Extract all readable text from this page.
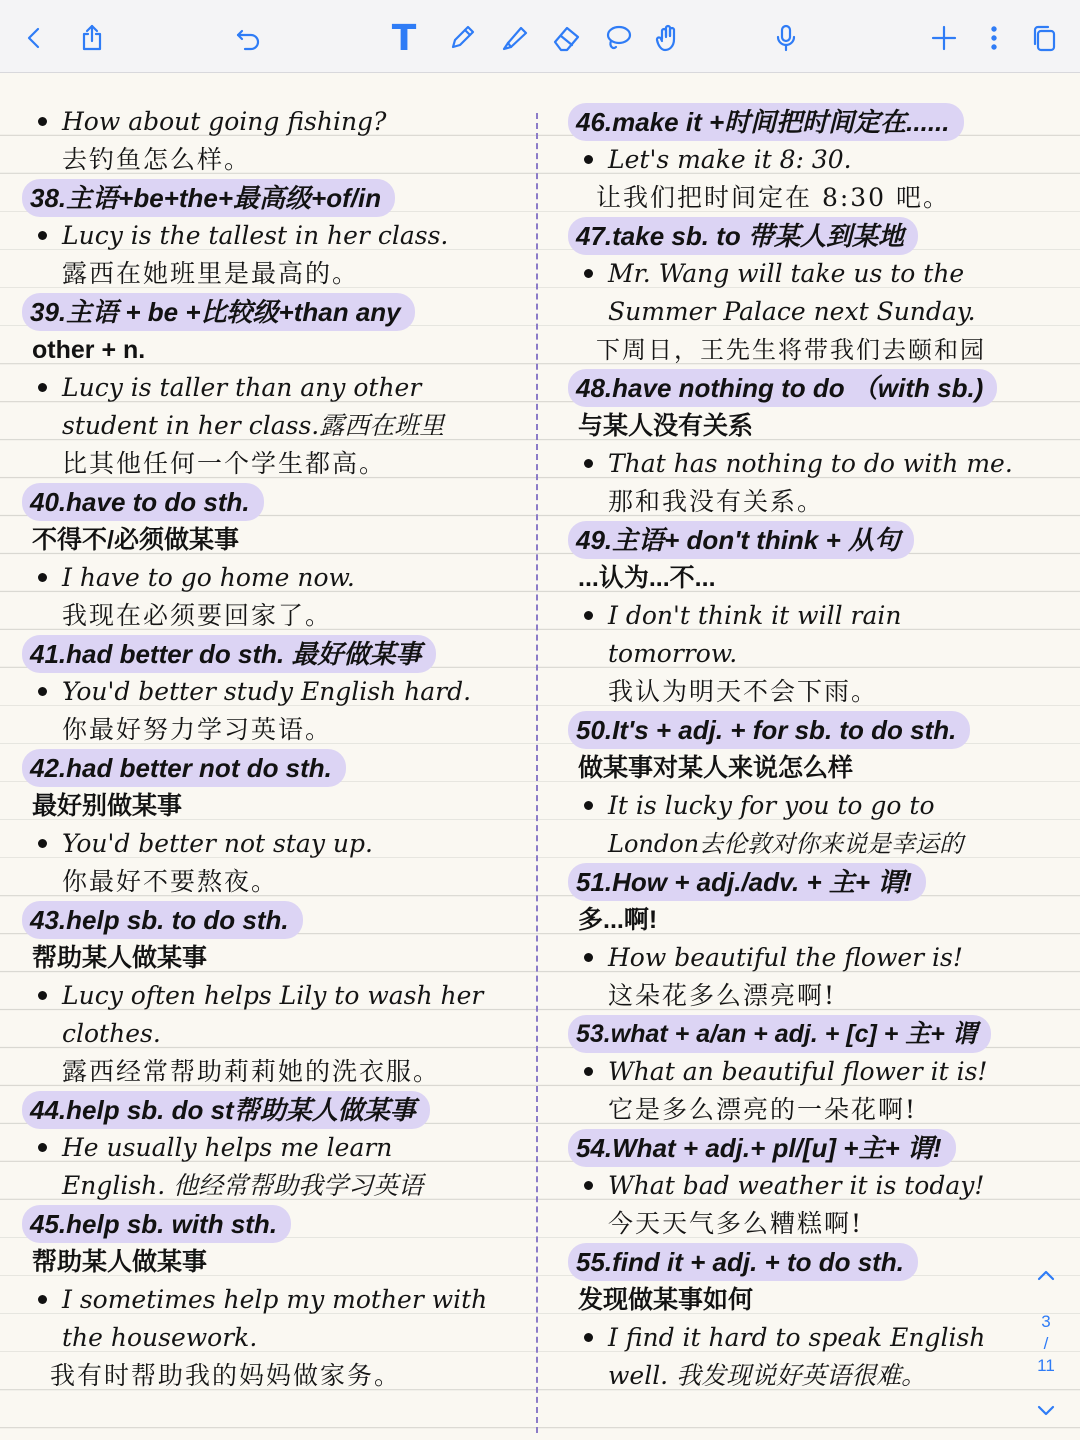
T
How about going fishing?
去钓鱼怎么样。
38.主语+be+the+最高级+of/in
Lucy is the tallest in her class.
露西在她班里是最高的。
39.主语 + be +比较级+than any
other + n.
Lucy is taller than any other
student in her class.露西在班里
比其他任何一个学生都高。
40.have to do sth.
不得不/必须做某事
I have to go home now.
我现在必须要回家了。
41.had better do sth. 最好做某事
You'd better study English hard.
你最好努力学习英语。
42.had better not do sth.
最好别做某事
You'd better not stay up.
你最好不要熬夜。
43.help sb. to do sth.
帮助某人做某事
Lucy often helps Lily to wash her
clothes.
露西经常帮助莉莉她的洗衣服。
44.help sb. do st帮助某人做某事
He usually helps me learn
English. 他经常帮助我学习英语
45.help sb. with sth.
帮助某人做某事
I sometimes help my mother with
the housework.
我有时帮助我的妈妈做家务。
46.make it +时间把时间定在......
Let's make it 8: 30.
让我们把时间定在 8:30 吧。
47.take sb. to 带某人到某地
Mr. Wang will take us to the
Summer Palace next Sunday.
下周日，王先生将带我们去颐和园
48.have nothing to do （with sb.)
与某人没有关系
That has nothing to do with me.
那和我没有关系。
49.主语+ don't think + 从句
...认为...不...
I don't think it will rain
tomorrow.
我认为明天不会下雨。
50.It's + adj. + for sb. to do sth.
做某事对某人来说怎么样
It is lucky for you to go to
London去伦敦对你来说是幸运的
51.How + adj./adv. + 主+ 谓!
多...啊!
How beautiful the flower is!
这朵花多么漂亮啊!
53.what + a/an + adj. + [c] + 主+ 谓
What an beautiful flower it is!
它是多么漂亮的一朵花啊!
54.What + adj.+ pl/[u] +主+ 谓!
What bad weather it is today!
今天天气多么糟糕啊!
55.find it + adj. + to do sth.
发现做某事如何
I find it hard to speak English
well. 我发现说好英语很难。
3
/
11
